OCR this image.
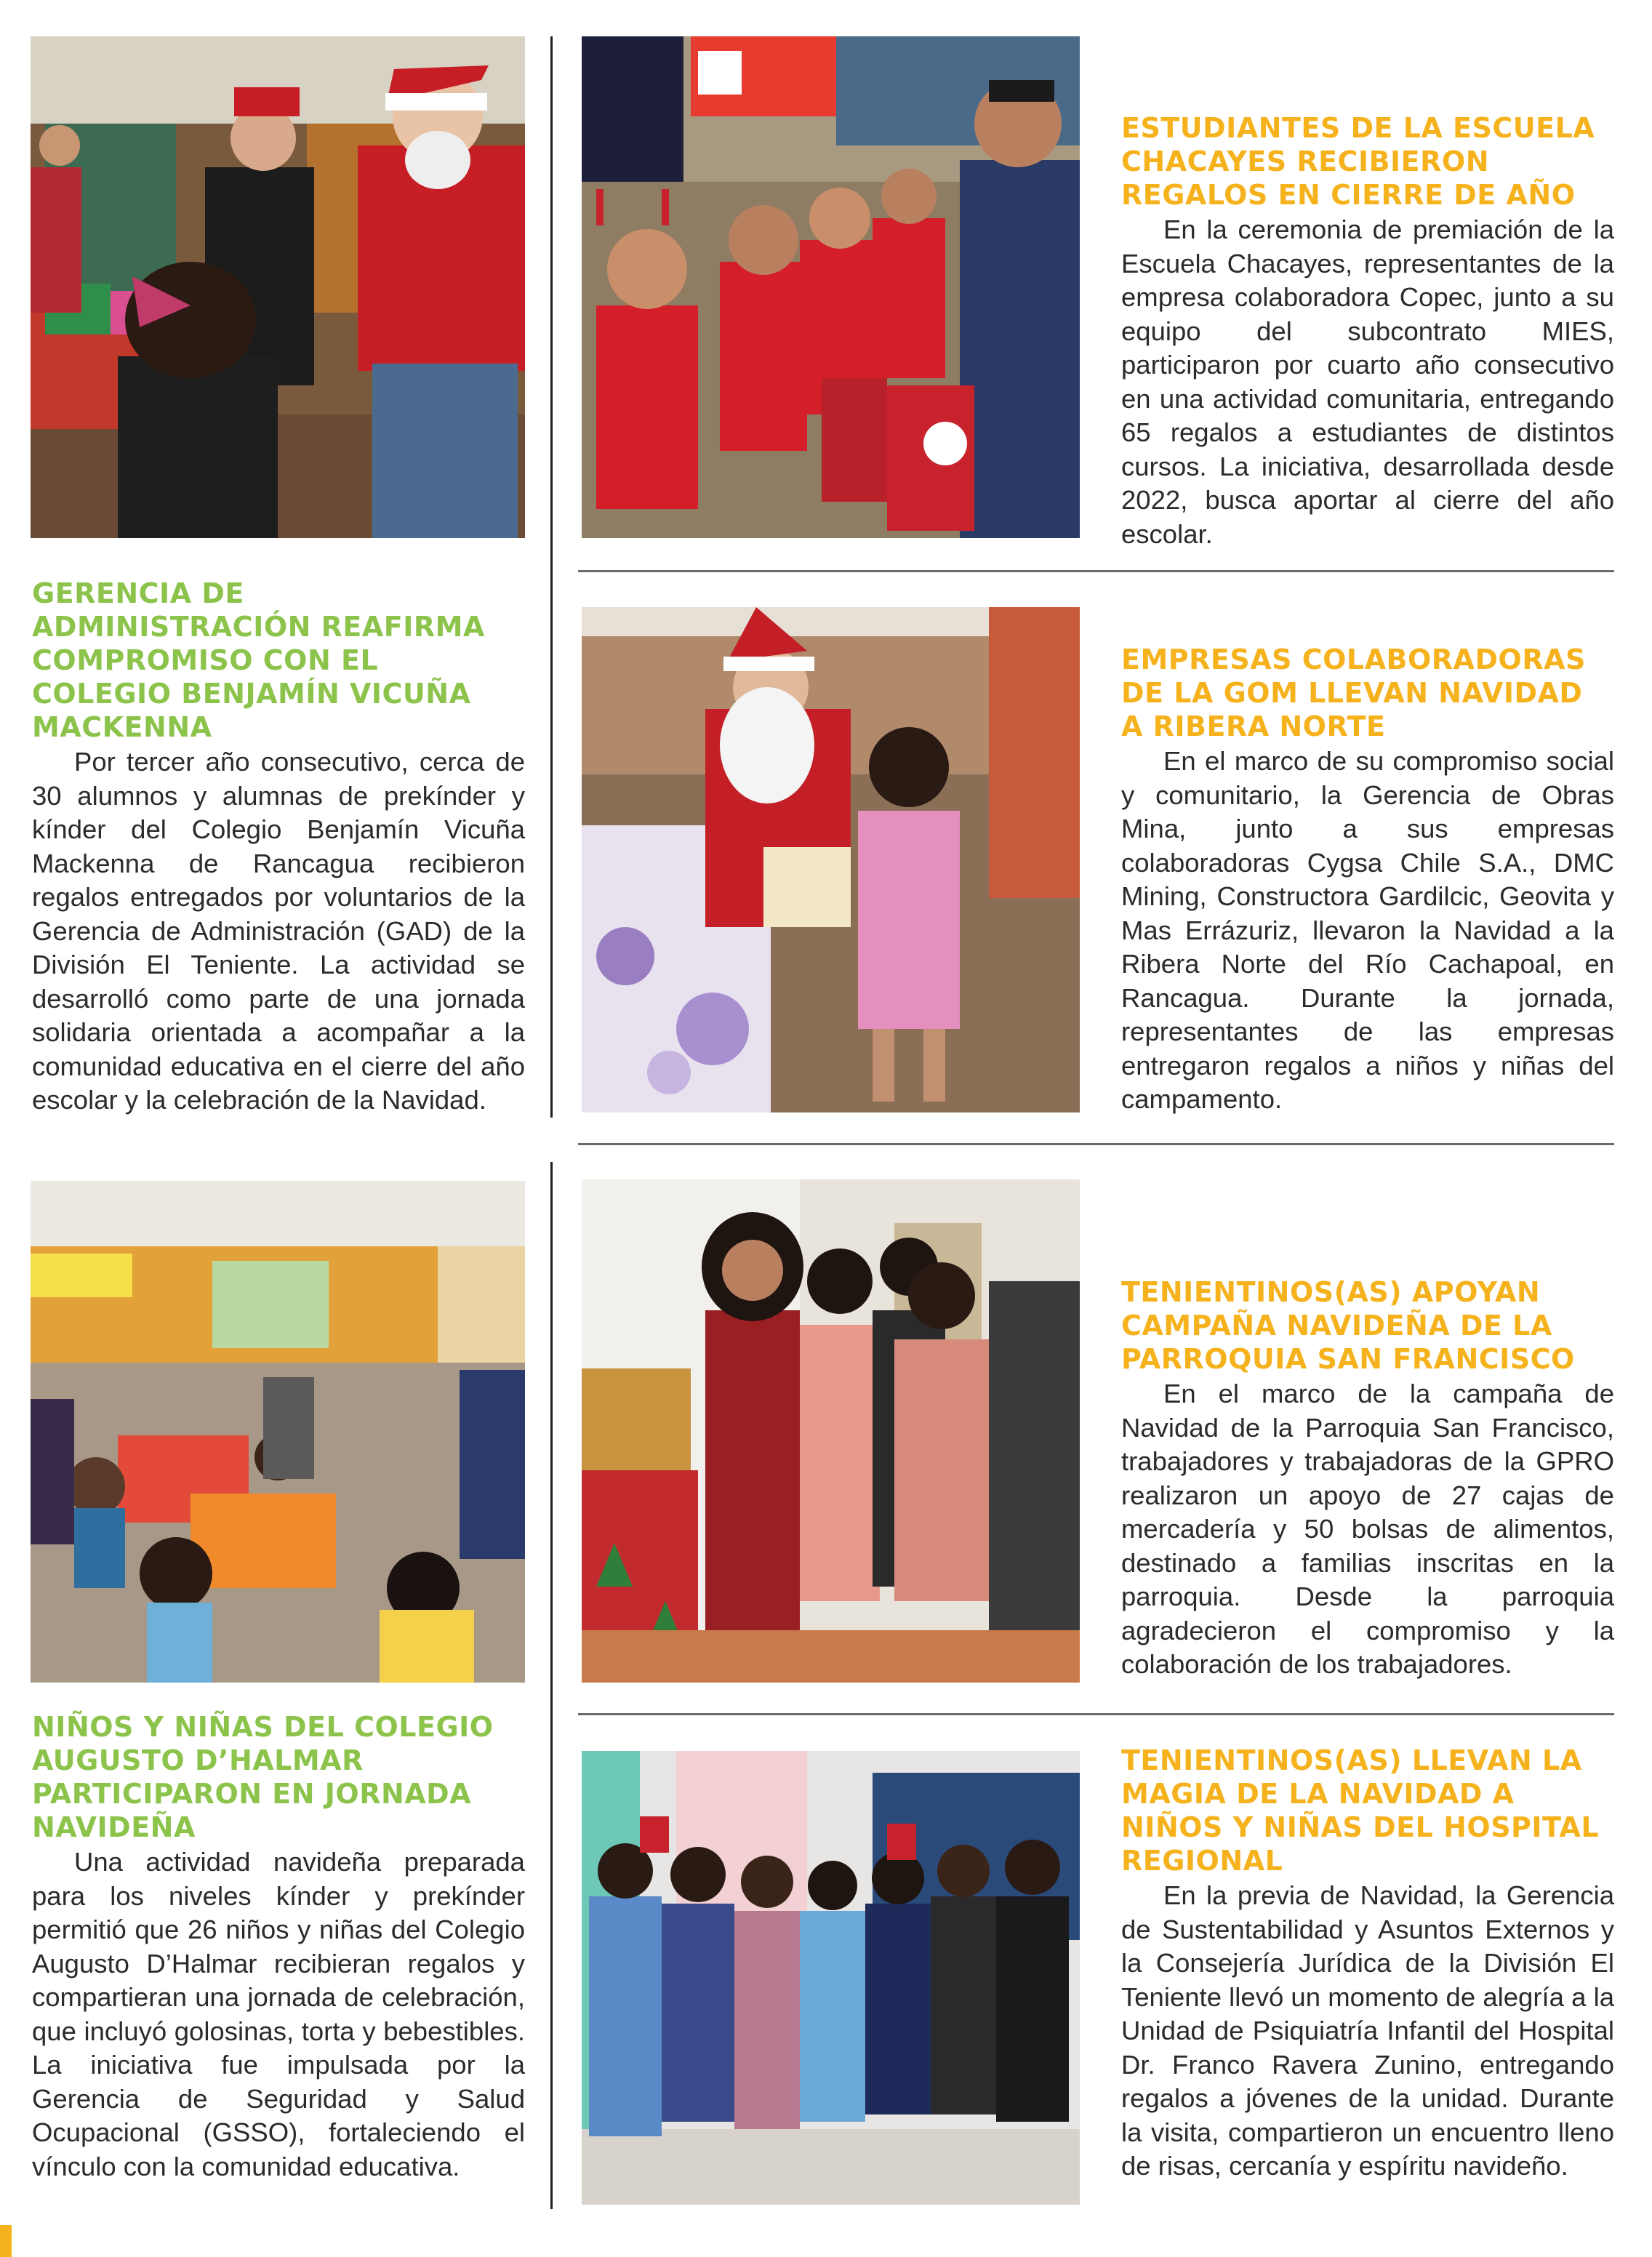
GERENCIA DE ADMINISTRACIÓN REAFIRMA COMPROMISO CON EL COLEGIO BENJAMÍN VICUÑA MACKENNA

Por tercer año consecutivo, cerca de 30 alumnos y alumnas de prekínder y kínder del Colegio Benjamín Vicuña Mackenna de Rancagua recibieron regalos entregados por voluntarios de la Gerencia de Administración (GAD) de la División El Teniente. La actividad se desarrolló como parte de una jornada solidaria orientada a acompañar a la comunidad educativa en el cierre del año escolar y la celebración de la Navidad.

ESTUDIANTES DE LA ESCUELA CHACAYES RECIBIERON REGALOS EN CIERRE DE AÑO

En la ceremonia de premiación de la Escuela Chacayes, representantes de la empresa colaboradora Copec, junto a su equipo del subcontrato MIES, participaron por cuarto año consecutivo en una actividad comunitaria, entregando 65 regalos a estudiantes de distintos cursos. La iniciativa, desarrollada desde 2022, busca aportar al cierre del año escolar.

EMPRESAS COLABORADORAS DE LA GOM LLEVAN NAVIDAD A RIBERA NORTE

En el marco de su compromiso social y comunitario, la Gerencia de Obras Mina, junto a sus empresas colaboradoras Cygsa Chile S.A., DMC Mining, Constructora Gardilcic, Geovita y Mas Errázuriz, llevaron la Navidad a la Ribera Norte del Río Cachapoal, en Rancagua. Durante la jornada, representantes de las empresas entregaron regalos a niños y niñas del campamento.

NIÑOS Y NIÑAS DEL COLEGIO AUGUSTO D’HALMAR PARTICIPARON EN JORNADA NAVIDEÑA

Una actividad navideña preparada para los niveles kínder y prekínder permitió que 26 niños y niñas del Colegio Augusto D’Halmar recibieran regalos y compartieran una jornada de celebración, que incluyó golosinas, torta y bebestibles. La iniciativa fue impulsada por la Gerencia de Seguridad y Salud Ocupacional (GSSO), fortaleciendo el vínculo con la comunidad educativa.

TENIENTINOS(AS) APOYAN CAMPAÑA NAVIDEÑA DE LA PARROQUIA SAN FRANCISCO

En el marco de la campaña de Navidad de la Parroquia San Francisco, trabajadores y trabajadoras de la GPRO realizaron un apoyo de 27 cajas de mercadería y 50 bolsas de alimentos, destinado a familias inscritas en la parroquia. Desde la parroquia agradecieron el compromiso y la colaboración de los trabajadores.

TENIENTINOS(AS) LLEVAN LA MAGIA DE LA NAVIDAD A NIÑOS Y NIÑAS DEL HOSPITAL REGIONAL

En la previa de Navidad, la Gerencia de Sustentabilidad y Asuntos Externos y la Consejería Jurídica de la División El Teniente llevó un momento de alegría a la Unidad de Psiquiatría Infantil del Hospital Dr. Franco Ravera Zunino, entregando regalos a jóvenes de la unidad. Durante la visita, compartieron un encuentro lleno de risas, cercanía y espíritu navideño.
